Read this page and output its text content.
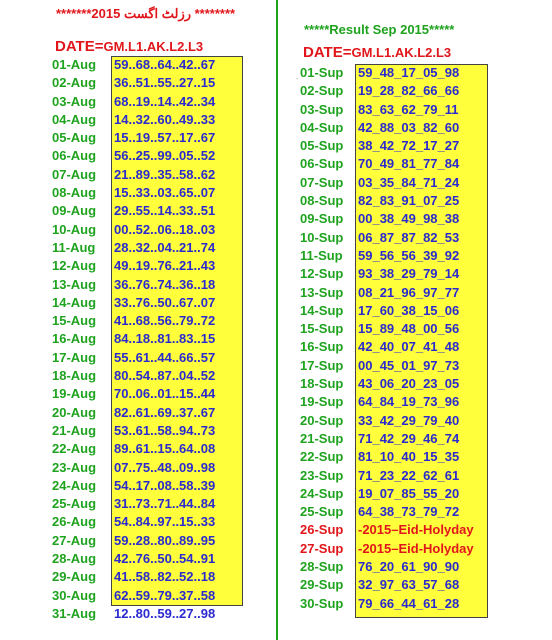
*******2015 رزلٹ اگست ********
*****Result Sep 2015*****
DATE=GM.L1.AK.L2.L3	DATE=GM.L1.AK.L2.L3
.
01-Aug 59..68..64..42..67
02-Aug 36..51..55..27..15
03-Aug 68..19..14..42..34
04-Aug 14..32..60..49..33
05-Aug 15..19..57..17..67
06-Aug 56..25..99..05..52
07-Aug 21..89..35..58..62
08-Aug 15..33..03..65..07
09-Aug 29..55..14..33..51
10-Aug 00..52..06..18..03
11-Aug 28..32..04..21..74
12-Aug 49..19..76..21..43
13-Aug 36..76..74..36..18
14-Aug 33..76..50..67..07
15-Aug 41..68..56..79..72
16-Aug 84..18..81..83..15
17-Aug 55..61..44..66..57
18-Aug 80..54..87..04..52
19-Aug 70..06..01..15..44
20-Aug 82..61..69..37..67
21-Aug 53..61..58..94..73
22-Aug 89..61..15..64..08
23-Aug 07..75..48..09..98
24-Aug 54..17..08..58..39
25-Aug 31..73..71..44..84
26-Aug 54..84..97..15..33
27-Aug 59..28..80..89..95
28-Aug 42..76..50..54..91
29-Aug 41..58..82..52..18
30-Aug 62..59..79..37..58
31-Aug 12..80..59..27..98
01-Sup 59_48_17_05_98
02-Sup 19_28_82_66_66
03-Sup 83_63_62_79_11
04-Sup 42_88_03_82_60
05-Sup 38_42_72_17_27
06-Sup 70_49_81_77_84
07-Sup 03_35_84_71_24
08-Sup 82_83_91_07_25
09-Sup 00_38_49_98_38
10-Sup 06_87_87_82_53
11-Sup 59_56_56_39_92
12-Sup 93_38_29_79_14
13-Sup 08_21_96_97_77
14-Sup 17_60_38_15_06
15-Sup 15_89_48_00_56
16-Sup 42_40_07_41_48
17-Sup 00_45_01_97_73
18-Sup 43_06_20_23_05
19-Sup 64_84_19_73_96
20-Sup 33_42_29_79_40
21-Sup 71_42_29_46_74
22-Sup 81_10_40_15_35
23-Sup 71_23_22_62_61
24-Sup 19_07_85_55_20
25-Sup 64_38_73_79_72
26-Sup -2015–Eid-Holyday
27-Sup -2015–Eid-Holyday
28-Sup 76_20_61_90_90
29-Sup 32_97_63_57_68
30-Sup 79_66_44_61_28
